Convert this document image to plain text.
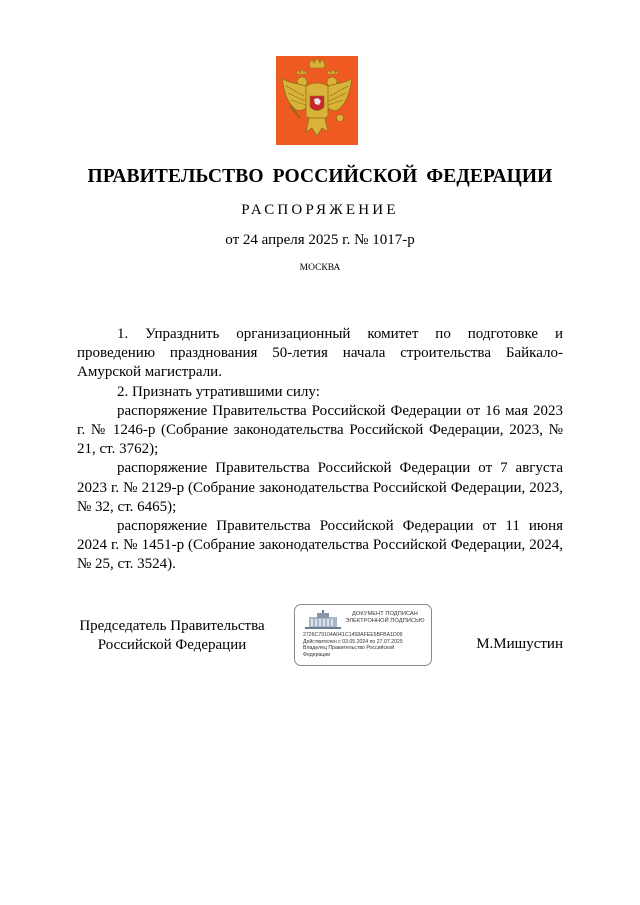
ПРАВИТЕЛЬСТВО РОССИЙСКОЙ ФЕДЕРАЦИИ
РАСПОРЯЖЕНИЕ
от 24 апреля 2025 г. № 1017-р
МОСКВА

1. Упразднить организационный комитет по подготовке и проведению празднования 50-летия начала строительства Байкало-Амурской магистрали.

2. Признать утратившими силу:

распоряжение Правительства Российской Федерации от 16 мая 2023 г. № 1246-р (Собрание законодательства Российской Федерации, 2023, № 21, ст. 3762);

распоряжение Правительства Российской Федерации от 7 августа 2023 г. № 2129-р (Собрание законодательства Российской Федерации, 2023, № 32, ст. 6465);

распоряжение Правительства Российской Федерации от 11 июня 2024 г. № 1451-р (Собрание законодательства Российской Федерации, 2024, № 25, ст. 3524).

Председатель Правительства
Российской Федерации
ДОКУМЕНТ ПОДПИСАН
ЭЛЕКТРОННОЙ ПОДПИСЬЮ
2726C79104A041C1458AFEE5BFBA1D09
Действителен с 03.05.2024 по 27.07.2025
Владелец Правительство Российской
Федерации
М.Мишустин
